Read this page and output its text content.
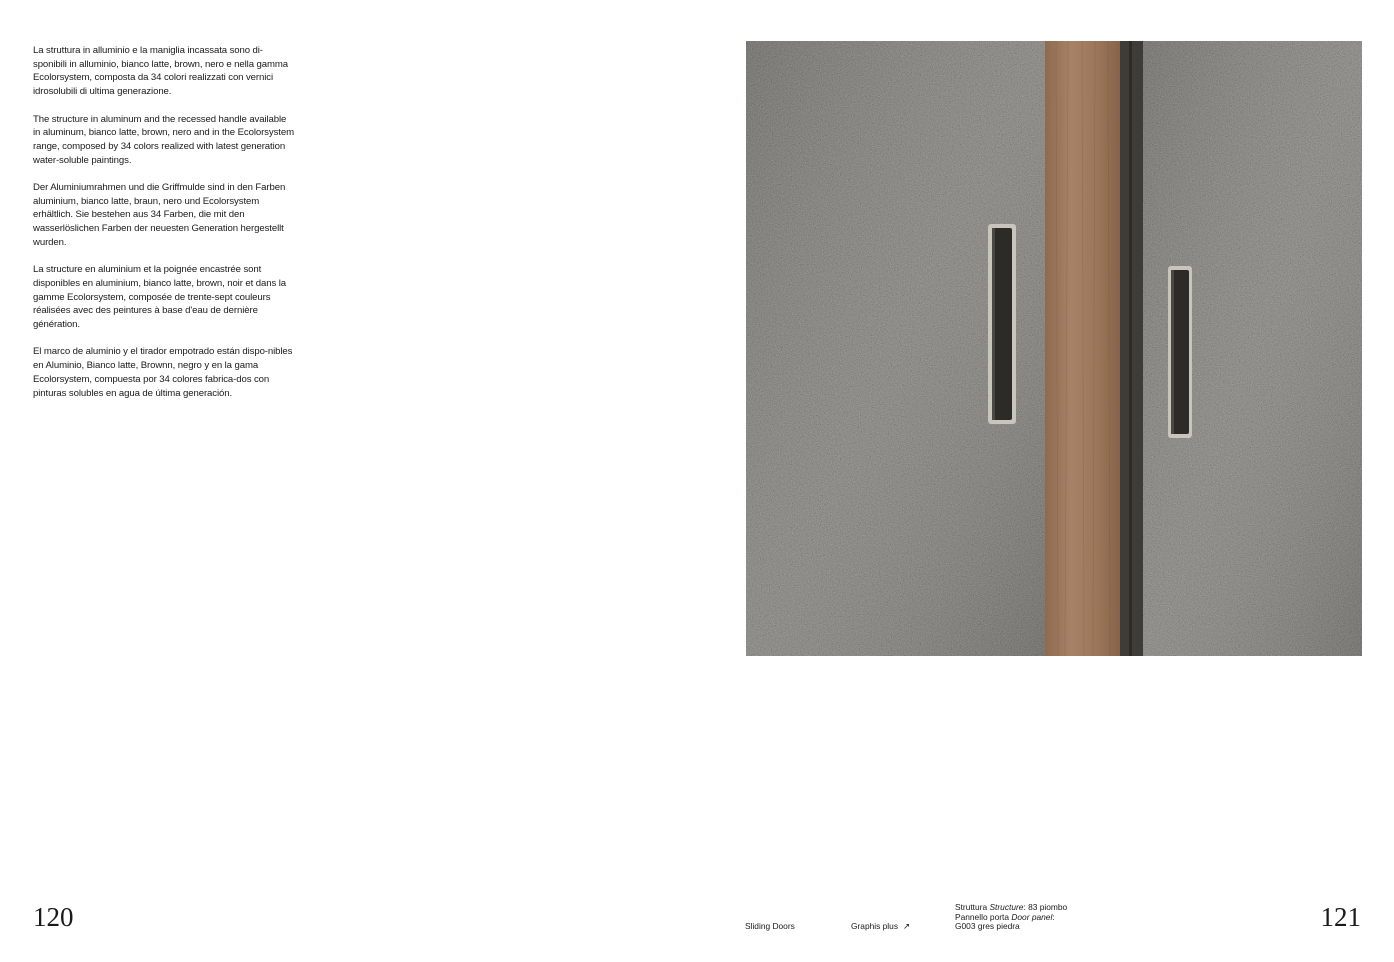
La struttura in alluminio e la maniglia incassata sono di-sponibili in alluminio, bianco latte, brown, nero e nella gamma Ecolorsystem, composta da 34 colori realizzati con vernici idrosolubili di ultima generazione.

The structure in aluminum and the recessed handle available in aluminum, bianco latte, brown, nero and in the Ecolorsystem range, composed by 34 colors realized with latest generation water-soluble paintings.

Der Aluminiumrahmen und die Griffmulde sind in den Farben aluminium, bianco latte, braun, nero und Ecolorsystem erhältlich. Sie bestehen aus 34 Farben, die mit den wasserlöslichen Farben der neuesten Generation hergestellt wurden.

La structure en aluminium et la poignée encastrée sont disponibles en aluminium, bianco latte, brown, noir et dans la gamme Ecolorsystem, composée de trente-sept couleurs réalisées avec des peintures à base d'eau de dernière génération.

El marco de aluminio y el tirador empotrado están dispo-nibles en Aluminio, Bianco latte, Brownn, negro y en la gama Ecolorsystem, compuesta por 34 colores fabrica-dos con pinturas solubles en agua de última generación.

120	121
Sliding Doors	Graphis plus ↗
Struttura Structure: 83 piombo
Pannello porta Door panel:
G003 gres piedra
